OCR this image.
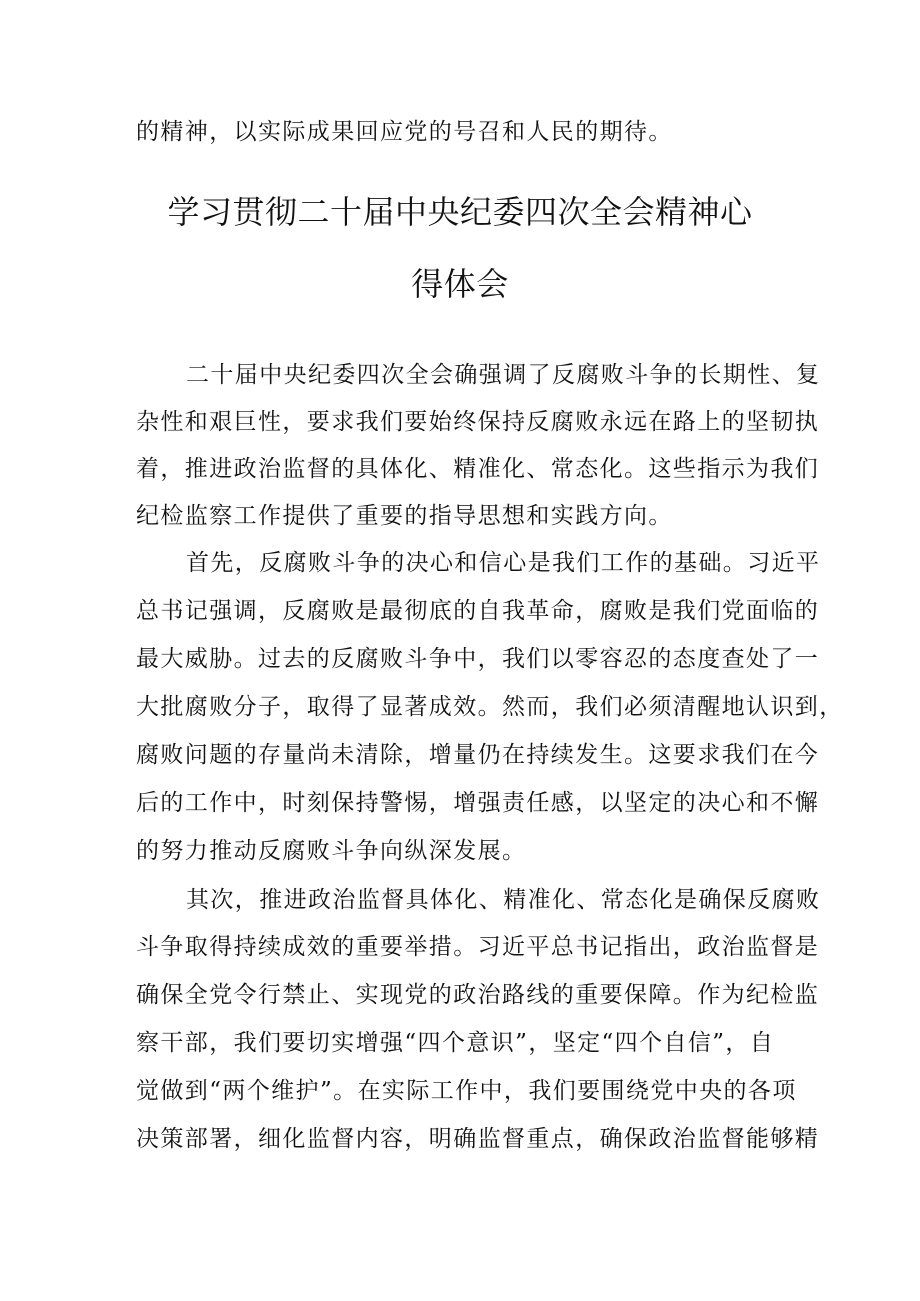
的精神，以实际成果回应党的号召和人民的期待。
学习贯彻二十届中央纪委四次全会精神心
得体会
二十届中央纪委四次全会确强调了反腐败斗争的长期性、复
杂性和艰巨性，要求我们要始终保持反腐败永远在路上的坚韧执
着，推进政治监督的具体化、精准化、常态化。这些指示为我们
纪检监察工作提供了重要的指导思想和实践方向。
首先，反腐败斗争的决心和信心是我们工作的基础。习近平
总书记强调，反腐败是最彻底的自我革命，腐败是我们党面临的
最大威胁。过去的反腐败斗争中，我们以零容忍的态度查处了一
大批腐败分子，取得了显著成效。然而，我们必须清醒地认识到，
腐败问题的存量尚未清除，增量仍在持续发生。这要求我们在今
后的工作中，时刻保持警惕，增强责任感，以坚定的决心和不懈
的努力推动反腐败斗争向纵深发展。
其次，推进政治监督具体化、精准化、常态化是确保反腐败
斗争取得持续成效的重要举措。习近平总书记指出，政治监督是
确保全党令行禁止、实现党的政治路线的重要保障。作为纪检监
察干部，我们要切实增强“四个意识”，坚定“四个自信”，自
觉做到“两个维护”。在实际工作中，我们要围绕党中央的各项
决策部署，细化监督内容，明确监督重点，确保政治监督能够精
